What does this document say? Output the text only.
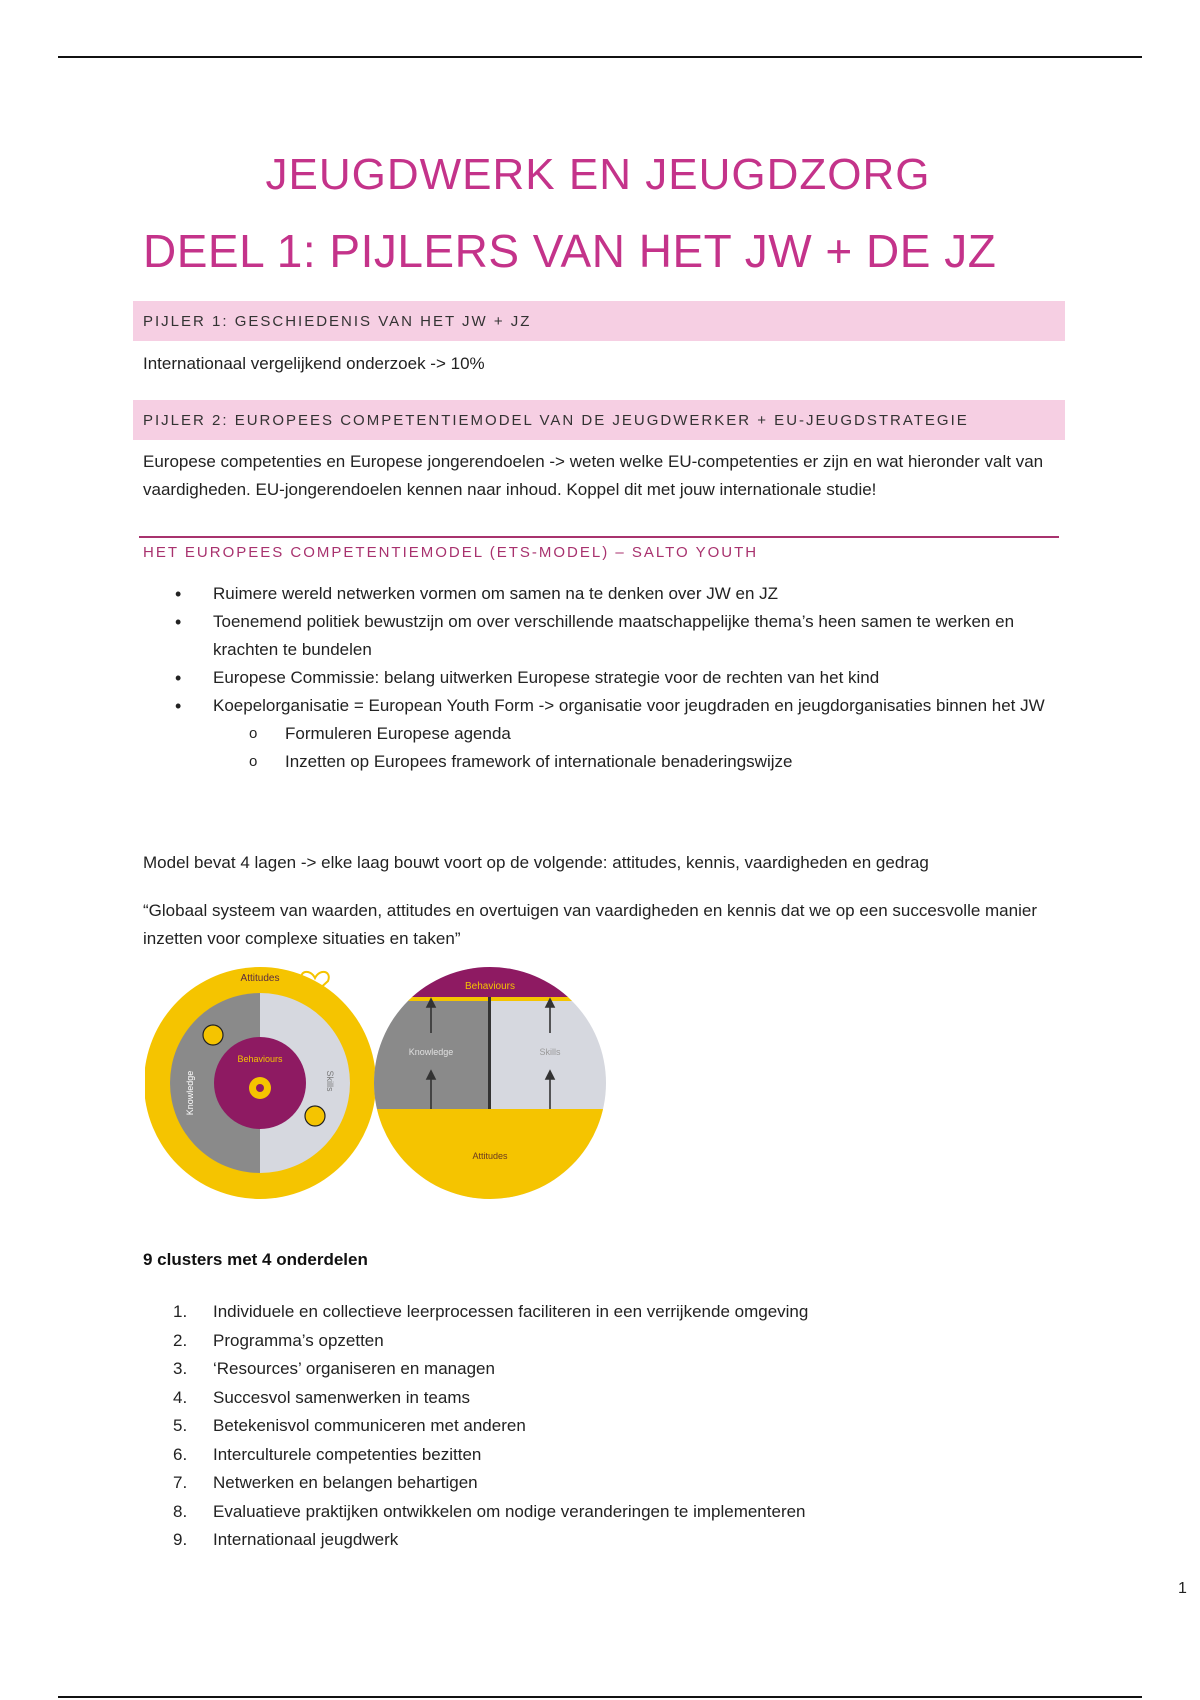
JEUGDWERK EN JEUGDZORG
DEEL 1: PIJLERS VAN HET JW + DE JZ
PIJLER 1: GESCHIEDENIS VAN HET JW + JZ

Internationaal vergelijkend onderzoek -> 10%

PIJLER 2: EUROPEES COMPETENTIEMODEL VAN DE JEUGDWERKER + EU-JEUGDSTRATEGIE

Europese competenties en Europese jongerendoelen -> weten welke EU-competenties er zijn en wat hieronder valt van vaardigheden. EU-jongerendoelen kennen naar inhoud. Koppel dit met jouw internationale studie!

HET EUROPEES COMPETENTIEMODEL (ETS-MODEL) – SALTO YOUTH
• Ruimere wereld netwerken vormen om samen na te denken over JW en JZ
• Toenemend politiek bewustzijn om over verschillende maatschappelijke thema’s heen samen te werken en krachten te bundelen
• Europese Commissie: belang uitwerken Europese strategie voor de rechten van het kind
• Koepelorganisatie = European Youth Form -> organisatie voor jeugdraden en jeugdorganisaties binnen het JW
o Formuleren Europese agenda
o Inzetten op Europees framework of internationale benaderingswijze

Model bevat 4 lagen -> elke laag bouwt voort op de volgende: attitudes, kennis, vaardigheden en gedrag

“Globaal systeem van waarden, attitudes en overtuigen van vaardigheden en kennis dat we op een succesvolle manier inzetten voor complexe situaties en taken”

Attitudes
Knowledge	Skills
Behaviours
Behaviours
Knowledge	Skills
Attitudes

9 clusters met 4 onderdelen

1. Individuele en collectieve leerprocessen faciliteren in een verrijkende omgeving
2. Programma’s opzetten
3. ‘Resources’ organiseren en managen
4. Succesvol samenwerken in teams
5. Betekenisvol communiceren met anderen
6. Interculturele competenties bezitten
7. Netwerken en belangen behartigen
8. Evaluatieve praktijken ontwikkelen om nodige veranderingen te implementeren
9. Internationaal jeugdwerk
1
